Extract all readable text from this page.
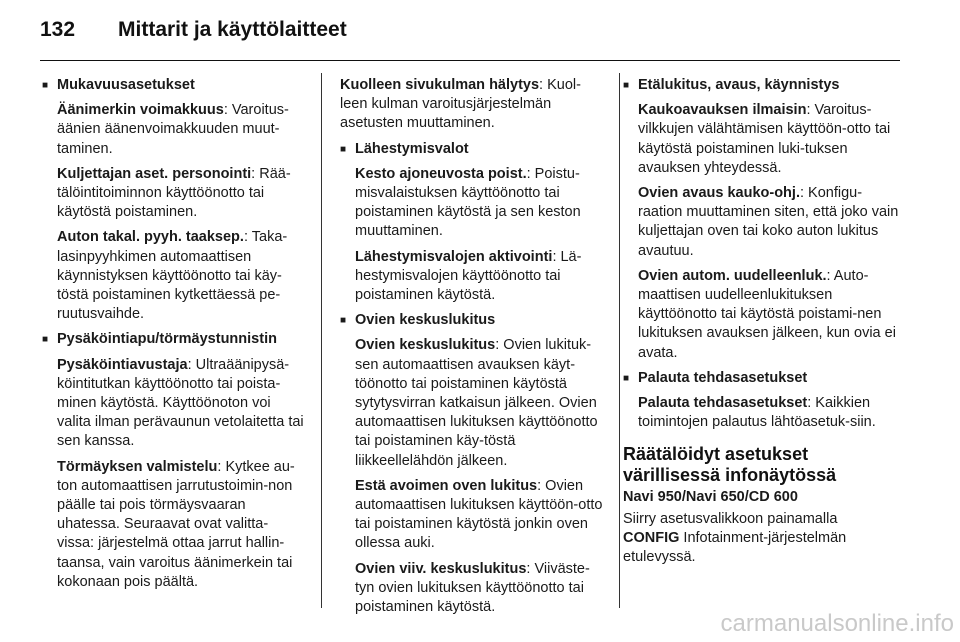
132 Mittarit ja käyttölaitteet
■ Mukavuusasetukset
Äänimerkin voimakkuus: Varoitus-äänien äänenvoimakkuuden muut-taminen.
Kuljettajan aset. personointi: Rää-tälöintitoiminnon käyttöönotto tai käytöstä poistaminen.
Auton takal. pyyh. taaksep.: Taka-lasinpyyhkimen automaattisen käynnistyksen käyttöönotto tai käy-töstä poistaminen kytkettäessä pe-ruutusvaihde.
■ Pysäköintiapu/törmäystunnistin
Pysäköintiavustaja: Ultraäänipysä-köintitutkan käyttöönotto tai poista-minen käytöstä. Käyttöönoton voi valita ilman perävaunun vetolaitetta tai sen kanssa.
Törmäyksen valmistelu: Kytkee au-ton automaattisen jarrutustoimin-non päälle tai pois törmäysvaaran uhatessa. Seuraavat ovat valitta-vissa: järjestelmä ottaa jarrut hallin-taansa, vain varoitus äänimerkein tai kokonaan pois päältä.
Kuolleen sivukulman hälytys: Kuol-leen kulman varoitusjärjestelmän asetusten muuttaminen.
■ Lähestymisvalot
Kesto ajoneuvosta poist.: Poistu-misvalaistuksen käyttöönotto tai poistaminen käytöstä ja sen keston muuttaminen.
Lähestymisvalojen aktivointi: Lä-hestymisvalojen käyttöönotto tai poistaminen käytöstä.
■ Ovien keskuslukitus
Ovien keskuslukitus: Ovien lukituk-sen automaattisen avauksen käyt-töönotto tai poistaminen käytöstä sytytysvirran katkaisun jälkeen. Ovien automaattisen lukituksen käyttöönotto tai poistaminen käy-töstä liikkeellelähdön jälkeen.
Estä avoimen oven lukitus: Ovien automaattisen lukituksen käyttöön-otto tai poistaminen käytöstä jonkin oven ollessa auki.
Ovien viiv. keskuslukitus: Viiväste-tyn ovien lukituksen käyttöönotto tai poistaminen käytöstä.
■ Etälukitus, avaus, käynnistys
Kaukoavauksen ilmaisin: Varoitus-vilkkujen välähtämisen käyttöön-otto tai käytöstä poistaminen luki-tuksen avauksen yhteydessä.
Ovien avaus kauko-ohj.: Konfigu-raation muuttaminen siten, että joko vain kuljettajan oven tai koko auton lukitus avautuu.
Ovien autom. uudelleenluk.: Auto-maattisen uudelleenlukituksen käyttöönotto tai käytöstä poistami-nen lukituksen avauksen jälkeen, kun ovia ei avata.
■ Palauta tehdasasetukset
Palauta tehdasasetukset: Kaikkien toimintojen palautus lähtöasetuk-siin.
Räätälöidyt asetukset
värillisessä infonäytössä
Navi 950/Navi 650/CD 600
Siirry asetusvalikkoon painamalla
CONFIG Infotainment-järjestelmän etulevyssä.
carmanualsonline.info
